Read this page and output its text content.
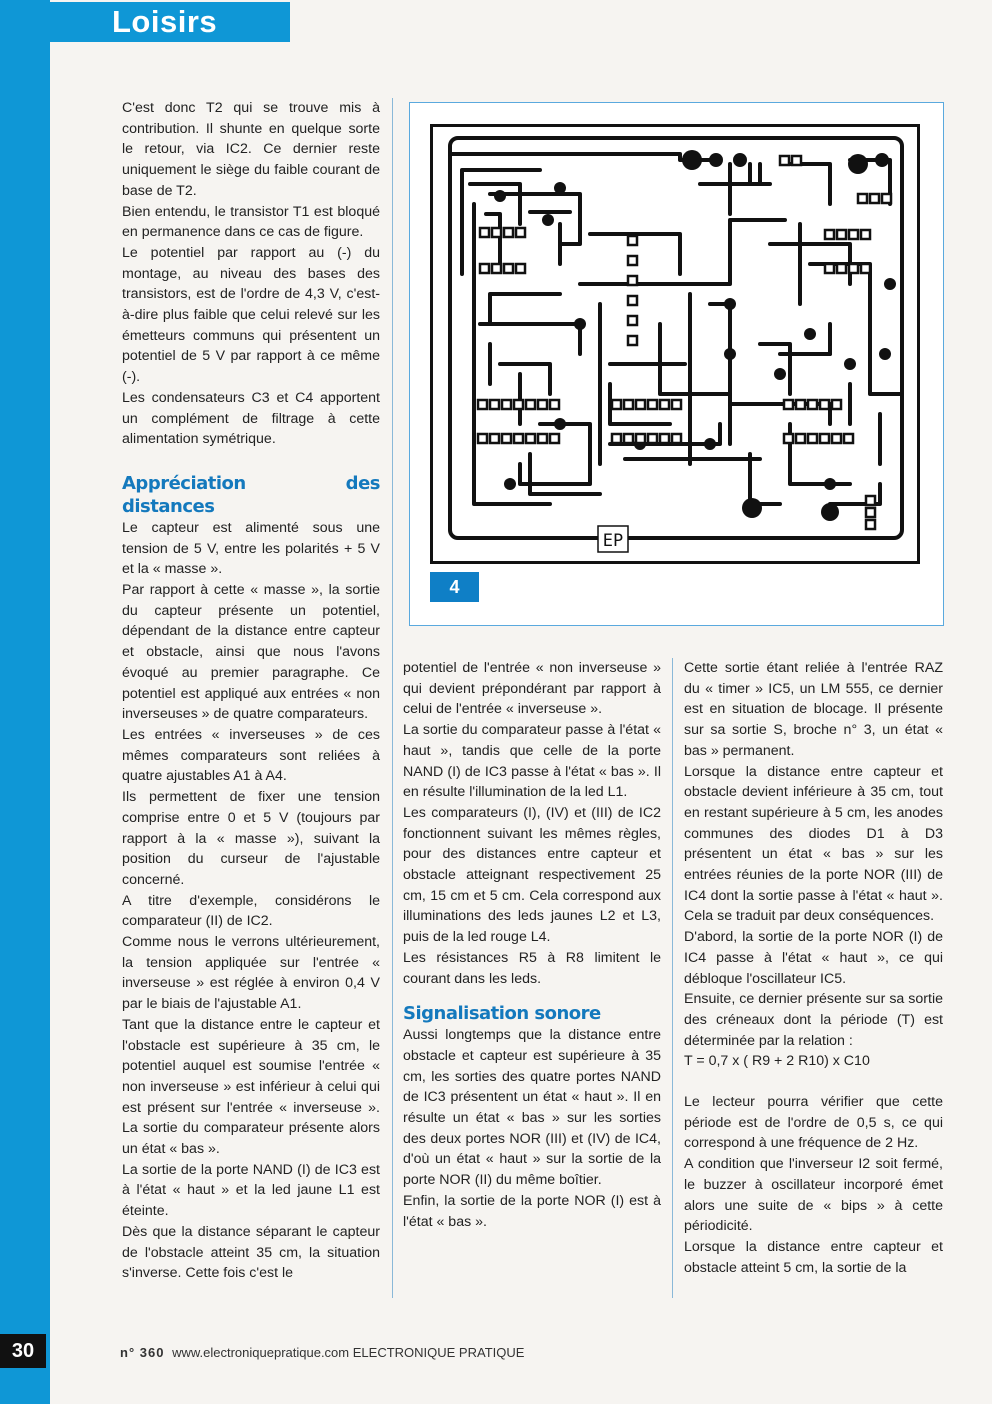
Loisirs

C'est donc T2 qui se trouve mis à contribution. Il shunte en quelque sorte le retour, via IC2. Ce dernier reste uniquement le siège du faible courant de base de T2.

Bien entendu, le transistor T1 est bloqué en permanence dans ce cas de figure.

Le potentiel par rapport au (-) du montage, au niveau des bases des transistors, est de l'ordre de 4,3 V, c'est-à-dire plus faible que celui relevé sur les émetteurs communs qui présentent un potentiel de 5 V par rapport à ce même (-).

Les condensateurs C3 et C4 apportent un complément de filtrage à cette alimentation symétrique.

Appréciation des distances

Le capteur est alimenté sous une tension de 5 V, entre les polarités + 5 V et la « masse ».

Par rapport à cette « masse », la sortie du capteur présente un potentiel, dépendant de la distance entre capteur et obstacle, ainsi que nous l'avons évoqué au premier paragraphe. Ce potentiel est appliqué aux entrées « non inverseuses » de quatre comparateurs.

Les entrées « inverseuses » de ces mêmes comparateurs sont reliées à quatre ajustables A1 à A4.

Ils permettent de fixer une tension comprise entre 0 et 5 V (toujours par rapport à la « masse »), suivant la position du curseur de l'ajustable concerné.

A titre d'exemple, considérons le comparateur (II) de IC2.

Comme nous le verrons ultérieurement, la tension appliquée sur l'entrée « inverseuse » est réglée à environ 0,4 V par le biais de l'ajustable A1.

Tant que la distance entre le capteur et l'obstacle est supérieure à 35 cm, le potentiel auquel est soumise l'entrée « non inverseuse » est inférieur à celui qui est présent sur l'entrée « inverseuse ». La sortie du comparateur présente alors un état « bas ».

La sortie de la porte NAND (I) de IC3 est à l'état « haut » et la led jaune L1 est éteinte.

Dès que la distance séparant le capteur de l'obstacle atteint 35 cm, la situation s'inverse. Cette fois c'est le

EP
4

potentiel de l'entrée « non inverseuse » qui devient prépondérant par rapport à celui de l'entrée « inverseuse ».

La sortie du comparateur passe à l'état « haut », tandis que celle de la porte NAND (I) de IC3 passe à l'état « bas ». Il en résulte l'illumination de la led L1.

Les comparateurs (I), (IV) et (III) de IC2 fonctionnent suivant les mêmes règles, pour des distances entre capteur et obstacle atteignant respectivement 25 cm, 15 cm et 5 cm. Cela correspond aux illuminations des leds jaunes L2 et L3, puis de la led rouge L4.

Les résistances R5 à R8 limitent le courant dans les leds.

Signalisation sonore

Aussi longtemps que la distance entre obstacle et capteur est supérieure à 35 cm, les sorties des quatre portes NAND de IC3 présentent un état « haut ». Il en résulte un état « bas » sur les sorties des deux portes NOR (III) et (IV) de IC4, d'où un état « haut » sur la sortie de la porte NOR (II) du même boîtier.

Enfin, la sortie de la porte NOR (I) est à l'état « bas ».

Cette sortie étant reliée à l'entrée RAZ du « timer » IC5, un LM 555, ce dernier est en situation de blocage. Il présente sur sa sortie S, broche n° 3, un état « bas » permanent.

Lorsque la distance entre capteur et obstacle devient inférieure à 35 cm, tout en restant supérieure à 5 cm, les anodes communes des diodes D1 à D3 présentent un état « bas » sur les entrées réunies de la porte NOR (III) de IC4 dont la sortie passe à l'état « haut ». Cela se traduit par deux conséquences.

D'abord, la sortie de la porte NOR (I) de IC4 passe à l'état « haut », ce qui débloque l'oscillateur IC5.

Ensuite, ce dernier présente sur sa sortie des créneaux dont la période (T) est déterminée par la relation :

T = 0,7 x ( R9 + 2 R10) x C10

Le lecteur pourra vérifier que cette période est de l'ordre de 0,5 s, ce qui correspond à une fréquence de 2 Hz.

A condition que l'inverseur I2 soit fermé, le buzzer à oscillateur incorporé émet alors une suite de « bips » à cette périodicité.

Lorsque la distance entre capteur et obstacle atteint 5 cm, la sortie de la

30	n° 360 www.electroniquepratique.com ELECTRONIQUE PRATIQUE
